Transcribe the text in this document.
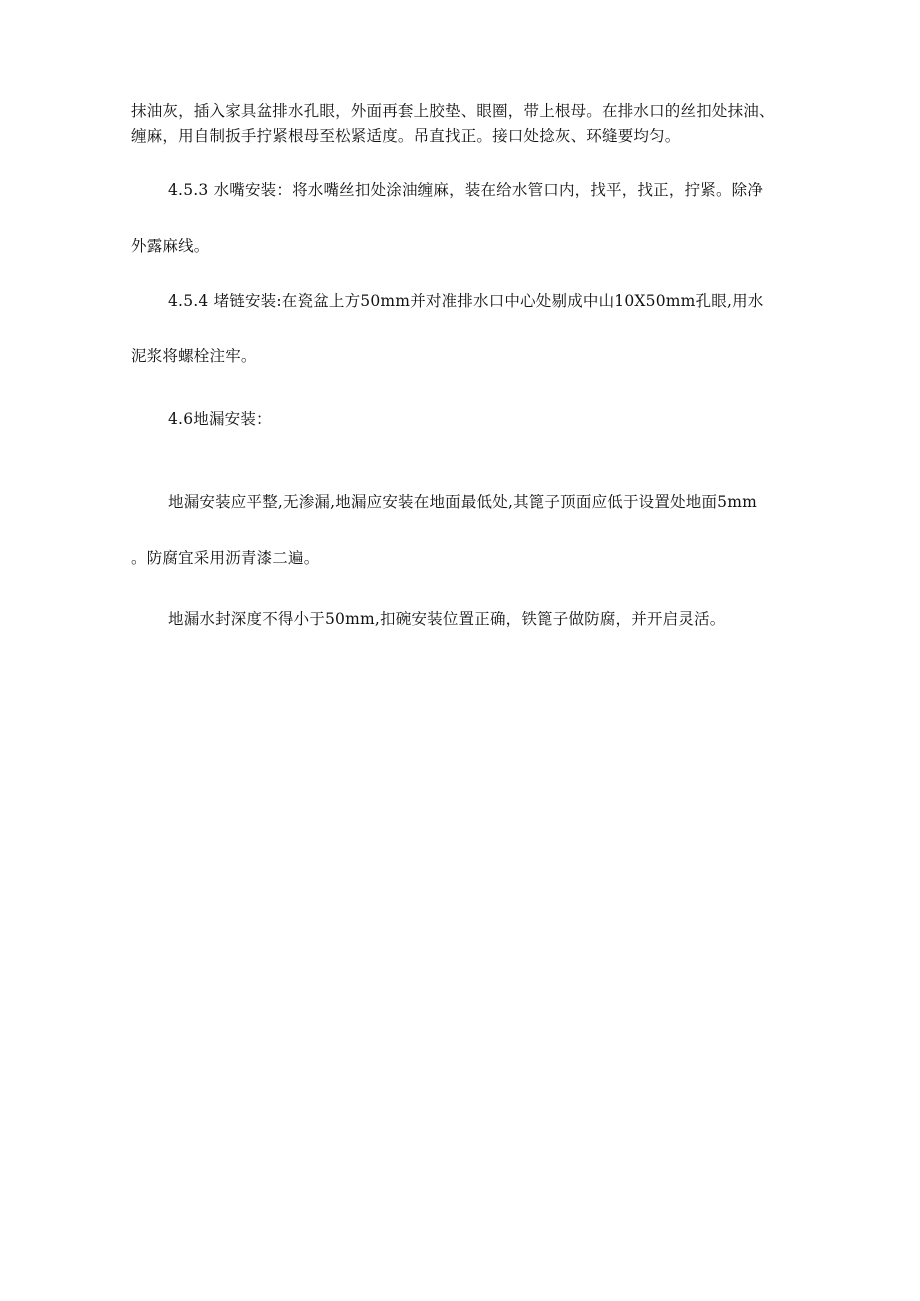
抹油灰，插入家具盆排水孔眼，外面再套上胶垫、眼圈，带上根母。在排水口的丝扣处抹油、
缠麻，用自制扳手拧紧根母至松紧适度。吊直找正。接口处捻灰、环缝要均匀。
4.5.3 水嘴安装：将水嘴丝扣处涂油缠麻，装在给水管口内，找平，找正，拧紧。除净
外露麻线。
4.5.4 堵链安装:在瓷盆上方50mm并对准排水口中心处剔成中山10X50mm孔眼,用水
泥浆将螺栓注牢。
4.6地漏安装：
地漏安装应平整,无渗漏,地漏应安装在地面最低处,其篦子顶面应低于设置处地面5mm
。防腐宜采用沥青漆二遍。
地漏水封深度不得小于50mm,扣碗安装位置正确，铁篦子做防腐，并开启灵活。
